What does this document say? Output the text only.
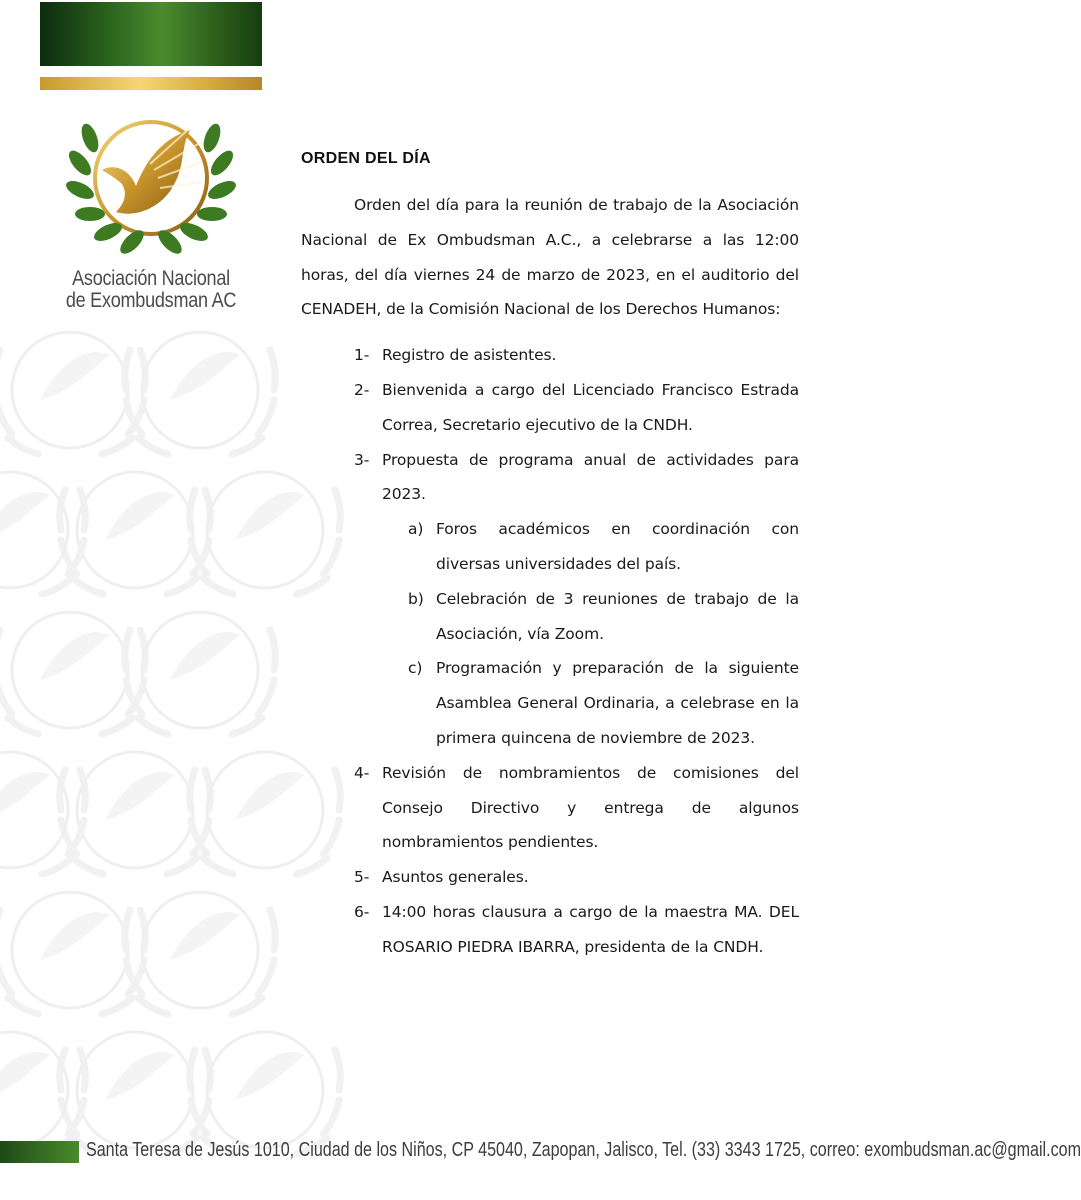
Asociación Nacional
de Exombudsman AC
ORDEN DEL DÍA

Orden del día para la reunión de trabajo de la Asociación Nacional de Ex Ombudsman A.C., a celebrarse a las 12:00 horas, del día viernes 24 de marzo de 2023, en el auditorio del CENADEH, de la Comisión Nacional de los Derechos Humanos:

1- Registro de asistentes.
2- Bienvenida a cargo del Licenciado Francisco Estrada Correa, Secretario ejecutivo de la CNDH.
3- Propuesta de programa anual de actividades para 2023.
a) Foros académicos en coordinación con diversas universidades del país.
b) Celebración de 3 reuniones de trabajo de la Asociación, vía Zoom.
c) Programación y preparación de la siguiente Asamblea General Ordinaria, a celebrase en la primera quincena de noviembre de 2023.
4- Revisión de nombramientos de comisiones del Consejo Directivo y entrega de algunos nombramientos pendientes.
5- Asuntos generales.
6- 14:00 horas clausura a cargo de la maestra MA. DEL ROSARIO PIEDRA IBARRA, presidenta de la CNDH.
Santa Teresa de Jesús 1010, Ciudad de los Niños, CP 45040, Zapopan, Jalisco, Tel. (33) 3343 1725, correo: exombudsman.ac@gmail.com
